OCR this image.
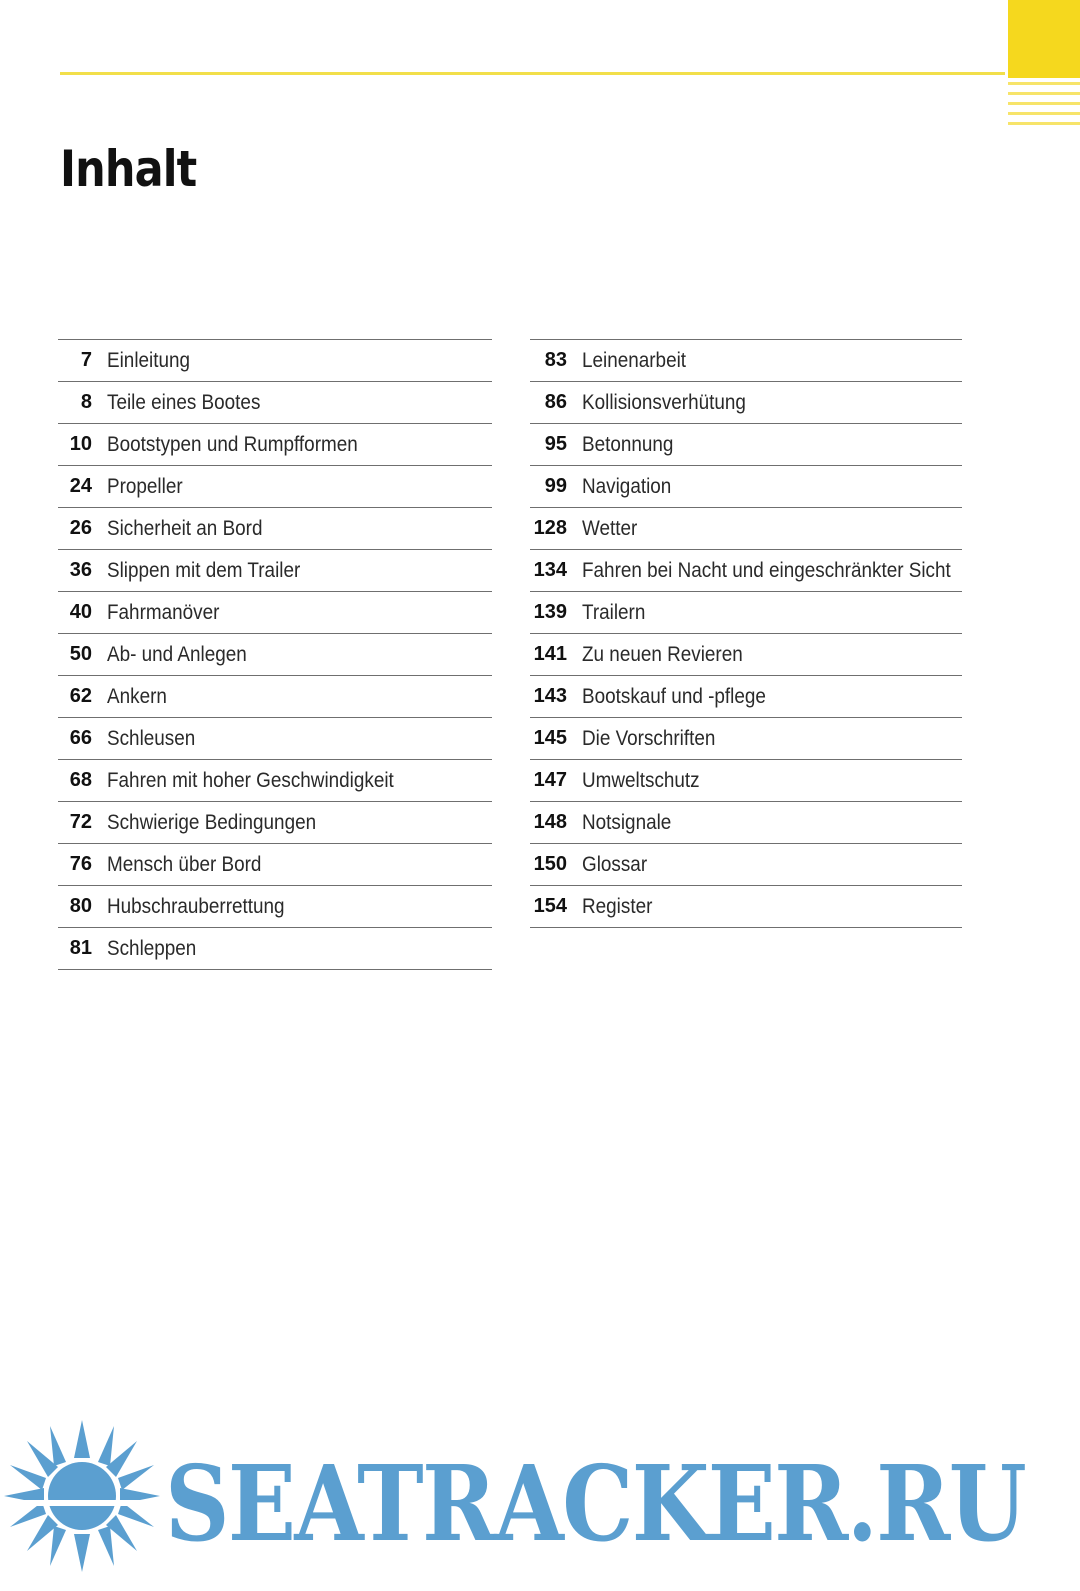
Inhalt
7 Einleitung
8 Teile eines Bootes
10 Bootstypen und Rumpfformen
24 Propeller
26 Sicherheit an Bord
36 Slippen mit dem Trailer
40 Fahrmanöver
50 Ab- und Anlegen
62 Ankern
66 Schleusen
68 Fahren mit hoher Geschwindigkeit
72 Schwierige Bedingungen
76 Mensch über Bord
80 Hubschrauberrettung
81 Schleppen
83 Leinenarbeit
86 Kollisionsverhütung
95 Betonnung
99 Navigation
128 Wetter
134 Fahren bei Nacht und eingeschränkter Sicht
139 Trailern
141 Zu neuen Revieren
143 Bootskauf und -pflege
145 Die Vorschriften
147 Umweltschutz
148 Notsignale
150 Glossar
154 Register
SEATRACKER.RU
